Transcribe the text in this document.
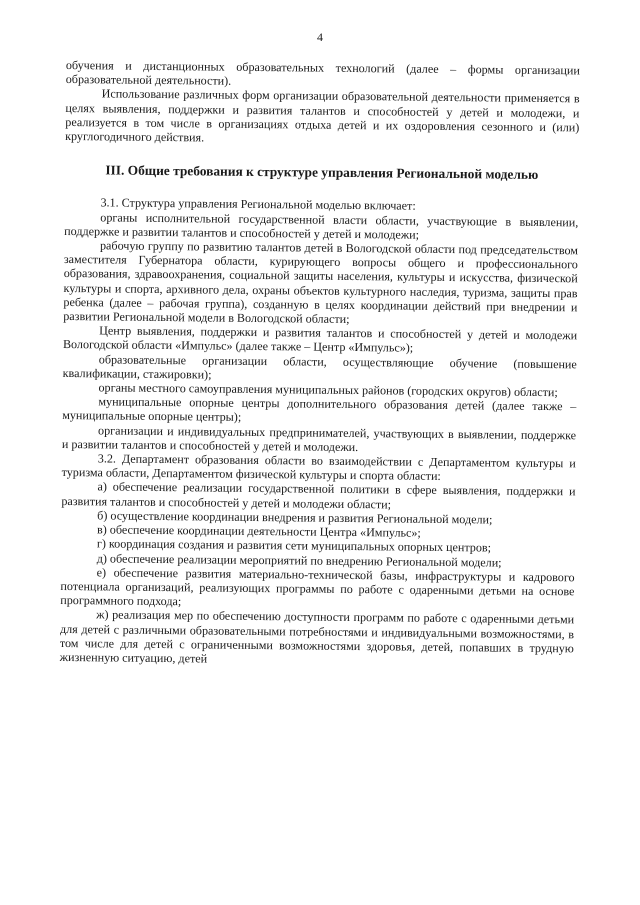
4

обучения и дистанционных образовательных технологий (далее – формы организации образовательной деятельности).

Использование различных форм организации образовательной деятельности применяется в целях выявления, поддержки и развития талантов и способностей у детей и молодежи, и реализуется в том числе в организациях отдыха детей и их оздоровления сезонного и (или) круглогодичного действия.

III. Общие требования к структуре управления Региональной моделью

3.1. Структура управления Региональной моделью включает:

органы исполнительной государственной власти области, участвующие в выявлении, поддержке и развитии талантов и способностей у детей и молодежи;

рабочую группу по развитию талантов детей в Вологодской области под председательством заместителя Губернатора области, курирующего вопросы общего и профессионального образования, здравоохранения, социальной защиты населения, культуры и искусства, физической культуры и спорта, архивного дела, охраны объектов культурного наследия, туризма, защиты прав ребенка (далее – рабочая группа), созданную в целях координации действий при внедрении и развитии Региональной модели в Вологодской области;

Центр выявления, поддержки и развития талантов и способностей у детей и молодежи Вологодской области «Импульс» (далее также – Центр «Импульс»);

образовательные организации области, осуществляющие обучение (повышение квалификации, стажировки);

органы местного самоуправления муниципальных районов (городских округов) области;

муниципальные опорные центры дополнительного образования детей (далее также – муниципальные опорные центры);

организации и индивидуальных предпринимателей, участвующих в выявлении, поддержке и развитии талантов и способностей у детей и молодежи.

3.2. Департамент образования области во взаимодействии с Департаментом культуры и туризма области, Департаментом физической культуры и спорта области:

а) обеспечение реализации государственной политики в сфере выявления, поддержки и развития талантов и способностей у детей и молодежи области;

б) осуществление координации внедрения и развития Региональной модели;

в) обеспечение координации деятельности Центра «Импульс»;

г) координация создания и развития сети муниципальных опорных центров;

д) обеспечение реализации мероприятий по внедрению Региональной модели;

е) обеспечение развития материально-технической базы, инфраструктуры и кадрового потенциала организаций, реализующих программы по работе с одаренными детьми на основе программного подхода;

ж) реализация мер по обеспечению доступности программ по работе с одаренными детьми для детей с различными образовательными потребностями и индивидуальными возможностями, в том числе для детей с ограниченными возможностями здоровья, детей, попавших в трудную жизненную ситуацию, детей
